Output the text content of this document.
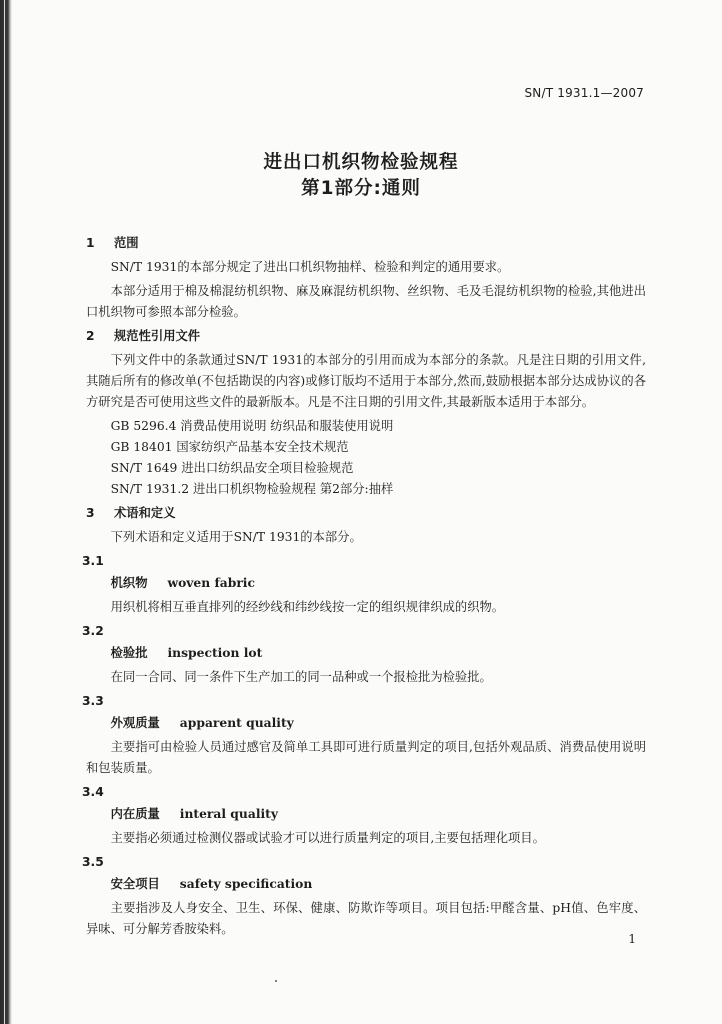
SN/T 1931.1—2007
进出口机织物检验规程
第1部分:通则
1 范围
SN/T 1931的本部分规定了进出口机织物抽样、检验和判定的通用要求。
本部分适用于棉及棉混纺机织物、麻及麻混纺机织物、丝织物、毛及毛混纺机织物的检验,其他进出口机织物可参照本部分检验。
2 规范性引用文件
下列文件中的条款通过SN/T 1931的本部分的引用而成为本部分的条款。凡是注日期的引用文件,其随后所有的修改单(不包括勘误的内容)或修订版均不适用于本部分,然而,鼓励根据本部分达成协议的各方研究是否可使用这些文件的最新版本。凡是不注日期的引用文件,其最新版本适用于本部分。
GB 5296.4 消费品使用说明 纺织品和服装使用说明
GB 18401 国家纺织产品基本安全技术规范
SN/T 1649 进出口纺织品安全项目检验规范
SN/T 1931.2 进出口机织物检验规程 第2部分:抽样
3 术语和定义
下列术语和定义适用于SN/T 1931的本部分。
3.1
机织物 woven fabric
用织机将相互垂直排列的经纱线和纬纱线按一定的组织规律织成的织物。
3.2
检验批 inspection lot
在同一合同、同一条件下生产加工的同一品种或一个报检批为检验批。
3.3
外观质量 apparent quality
主要指可由检验人员通过感官及简单工具即可进行质量判定的项目,包括外观品质、消费品使用说明和包装质量。
3.4
内在质量 interal quality
主要指必须通过检测仪器或试验才可以进行质量判定的项目,主要包括理化项目。
3.5
安全项目 safety specification
主要指涉及人身安全、卫生、环保、健康、防欺诈等项目。项目包括:甲醛含量、pH值、色牢度、异味、可分解芳香胺染料。
1
